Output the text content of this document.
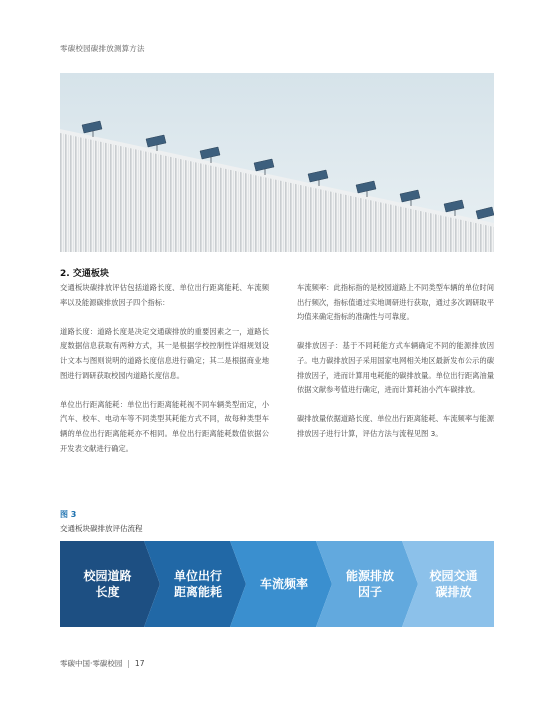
零碳校园碳排放测算方法
2. 交通板块

交通板块碳排放评估包括道路长度、单位出行距离能耗、车流频率以及能源碳排放因子四个指标：

道路长度：道路长度是决定交通碳排放的重要因素之一，道路长度数据信息获取有两种方式，其一是根据学校控制性详细规划设计文本与图则说明的道路长度信息进行确定；其二是根据商业地图进行调研获取校园内道路长度信息。

单位出行距离能耗：单位出行距离能耗视不同车辆类型而定，小汽车、校车、电动车等不同类型其耗能方式不同，故每种类型车辆的单位出行距离能耗亦不相同。单位出行距离能耗数值依据公开发表文献进行确定。

车流频率：此指标指的是校园道路上不同类型车辆的单位时间出行频次，指标值通过实地调研进行获取，通过多次调研取平均值来确定指标的准确性与可靠度。

碳排放因子：基于不同耗能方式车辆确定不同的能源排放因子。电力碳排放因子采用国家电网相关地区最新发布公示的碳排放因子，进而计算用电耗能的碳排放量。单位出行距离油量依据文献参考值进行确定，进而计算耗油小汽车碳排放。

碳排放量依据道路长度、单位出行距离能耗、车流频率与能源排放因子进行计算，评估方法与流程见图 3。

图 3
交通板块碳排放评估流程
校园道路
长度
单位出行
距离能耗
车流频率
能源排放
因子
校园交通
碳排放
零碳中国·零碳校园 | 17
